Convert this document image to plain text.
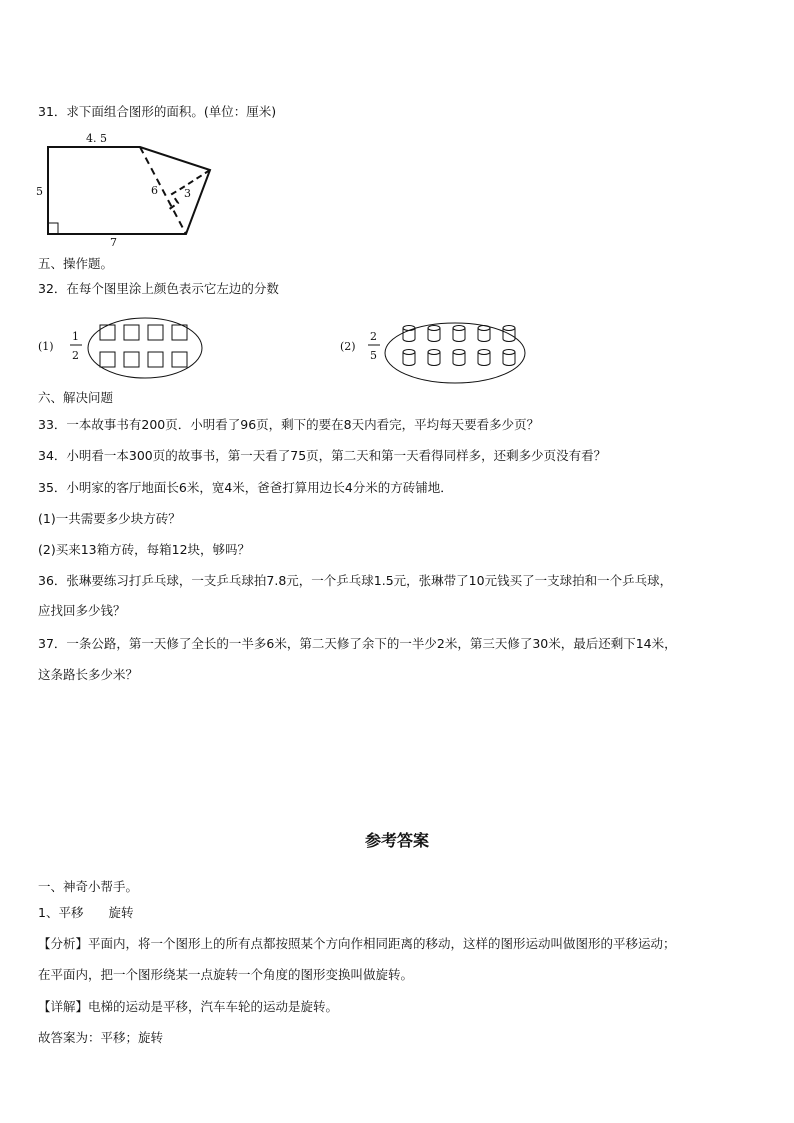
31．求下面组合图形的面积。(单位：厘米)
4. 5
5
7
6 3
五、操作题。
32．在每个图里涂上颜色表示它左边的分数
(1)
1
2
(2)
2
5
六、解决问题
33．一本故事书有200页．小明看了96页，剩下的要在8天内看完，平均每天要看多少页？
34．小明看一本300页的故事书，第一天看了75页，第二天和第一天看得同样多，还剩多少页没有看？
35．小明家的客厅地面长6米，宽4米，爸爸打算用边长4分米的方砖铺地．
(1)一共需要多少块方砖？
(2)买来13箱方砖，每箱12块，够吗？
36．张琳要练习打乒乓球，一支乒乓球拍7.8元，一个乒乓球1.5元，张琳带了10元钱买了一支球拍和一个乒乓球，
应找回多少钱？
37．一条公路，第一天修了全长的一半多6米，第二天修了余下的一半少2米，第三天修了30米，最后还剩下14米，
这条路长多少米？
参考答案
一、神奇小帮手。
1、平移　　旋转
【分析】平面内，将一个图形上的所有点都按照某个方向作相同距离的移动，这样的图形运动叫做图形的平移运动；
在平面内，把一个图形绕某一点旋转一个角度的图形变换叫做旋转。
【详解】电梯的运动是平移，汽车车轮的运动是旋转。
故答案为：平移；旋转
